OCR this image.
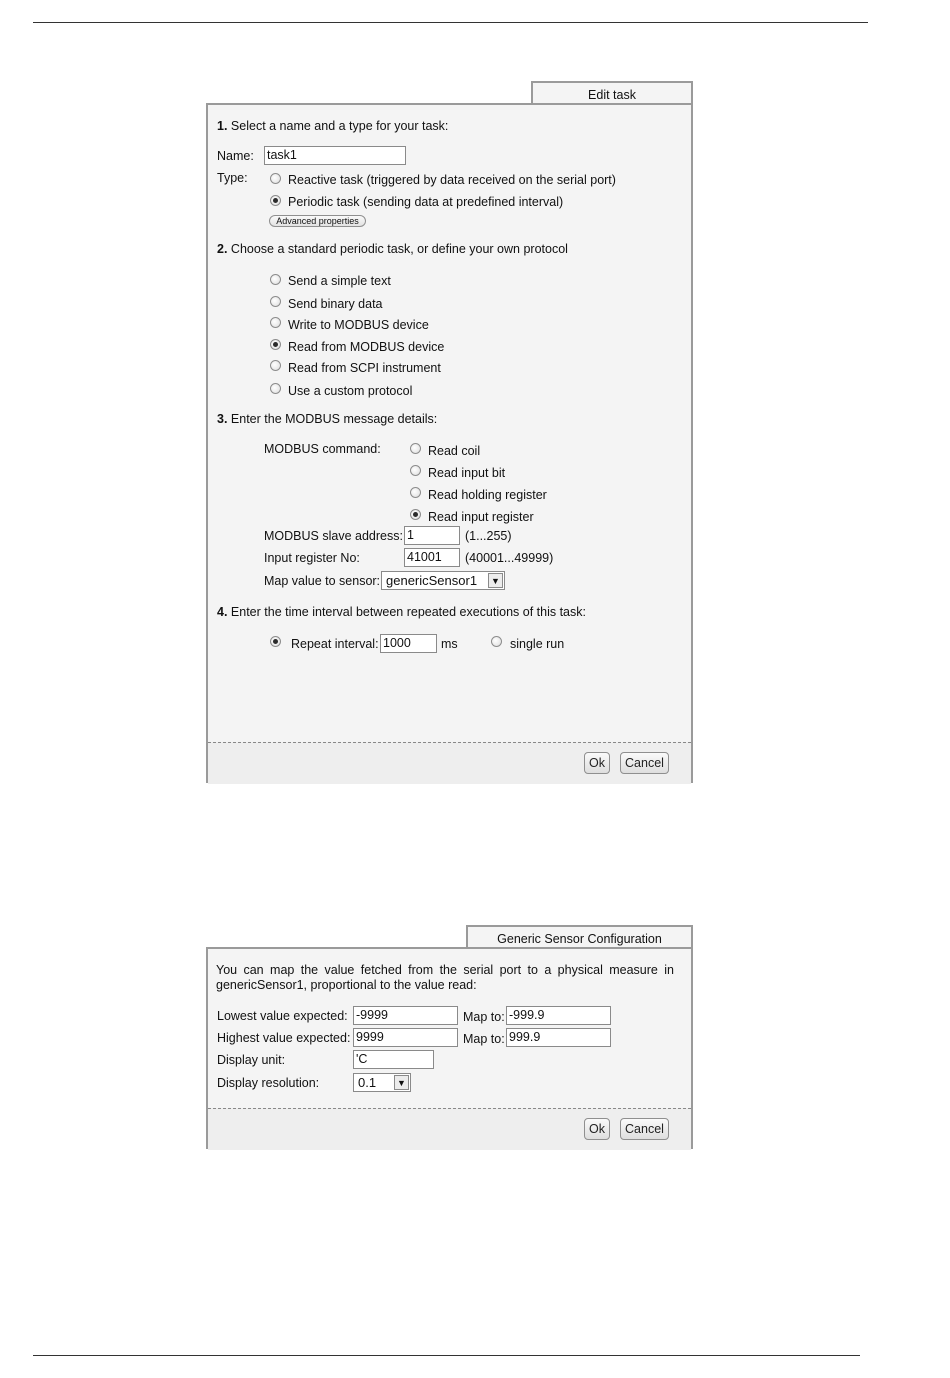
Edit task
1. Select a name and a type for your task:
Name: task1
Type:	Reactive task (triggered by data received on the serial port)
Periodic task (sending data at predefined interval)
Advanced properties
2. Choose a standard periodic task, or define your own protocol
Send a simple text
Send binary data
Write to MODBUS device
Read from MODBUS device
Read from SCPI instrument
Use a custom protocol
3. Enter the MODBUS message details:
MODBUS command:	Read coil
Read input bit
Read holding register
Read input register
MODBUS slave address: 1	(1...255)
Input register No:	41001	(40001...49999)
Map value to sensor: genericSensor1	▼
4. Enter the time interval between repeated executions of this task:
Repeat interval: 1000	ms	single run
Ok	Cancel
Generic Sensor Configuration
You can map the value fetched from the serial port to a physical measure in genericSensor1, proportional to the value read:
Lowest value expected: -9999	Map to: -999.9
Highest value expected: 9999	Map to: 999.9
Display unit:	'C
Display resolution:	0.1	▼
Ok	Cancel
